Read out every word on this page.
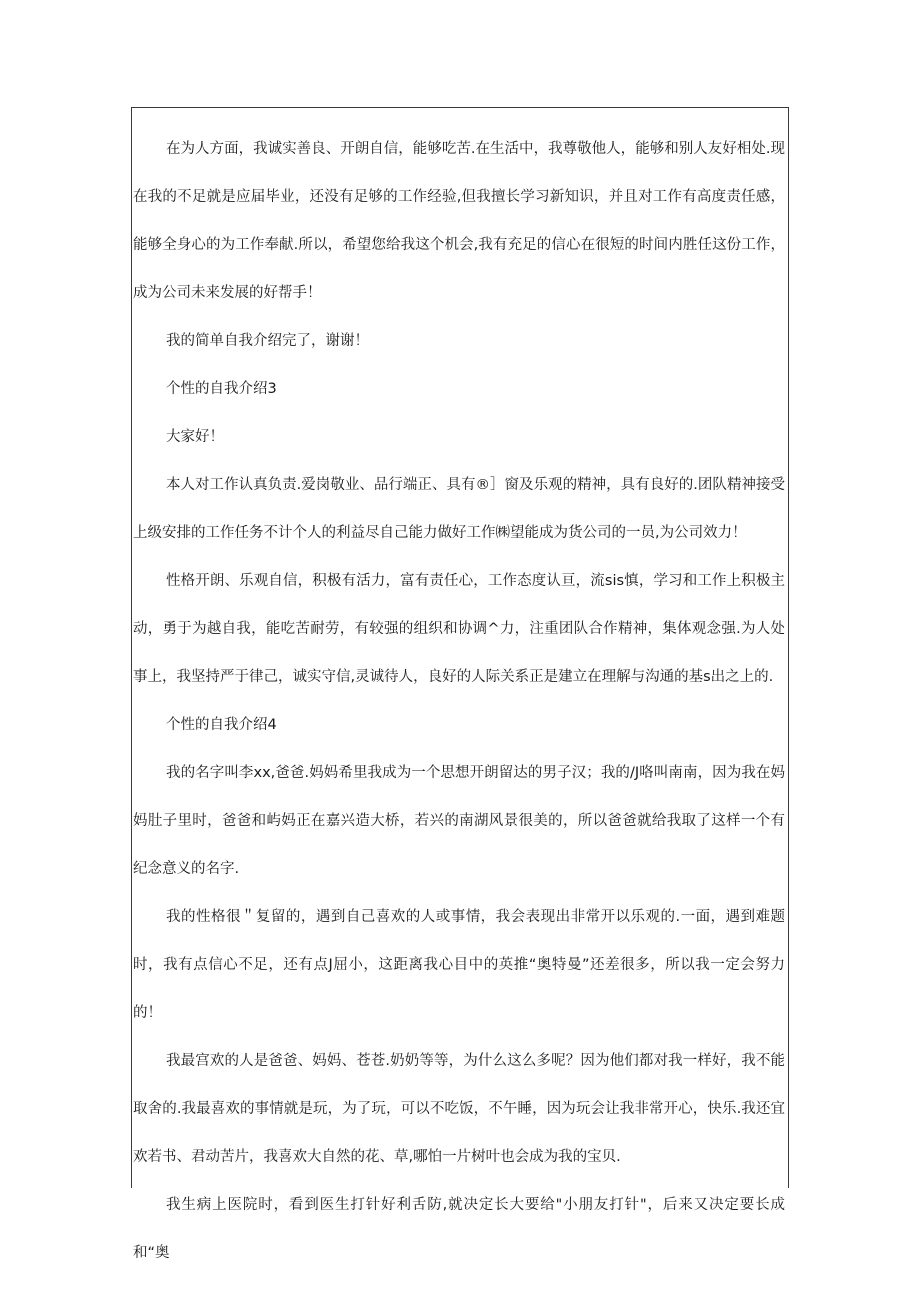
在为人方面，我诚实善良、开朗自信，能够吃苦.在生活中，我尊敬他人，能够和别人友好相处.现在我的不足就是应届毕业，还没有足够的工作经验,但我擅长学习新知识，并且对工作有高度责任感，能够全身心的为工作奉献.所以，希望您给我这个机会,我有充足的信心在很短的时间内胜任这份工作，成为公司未来发展的好帮手！

我的简单自我介绍完了，谢谢！

个性的自我介绍3

大家好！

本人对工作认真负责.爱岗敬业、品行端正、具有®］窗及乐观的精神，具有良好的.团队精神接受上级安排的工作任务不计个人的利益尽自己能力做好工作㈱望能成为货公司的一员,为公司效力！

性格开朗、乐观自信，积极有活力，富有责任心，工作态度认亘，流sis慎，学习和工作上积极主动，勇于为越自我，能吃苦耐劳，有较强的组织和协调^力，注重团队合作精神，集体观念强.为人处事上，我坚持严于律己，诚实守信,灵诚待人，良好的人际关系正是建立在理解与沟通的基s出之上的.

个性的自我介绍4

我的名字叫李xx,爸爸.妈妈希里我成为一个思想开朗留达的男子汉；我的/J咯叫南南，因为我在妈妈肚子里时，爸爸和屿妈正在嘉兴造大桥，若兴的南湖风景很美的，所以爸爸就给我取了这样一个有纪念意义的名字.

我的性格很＂复留的，遇到自己喜欢的人或事情，我会表现出非常开以乐观的.一面，遇到难题时，我有点信心不足，还有点J屈小，这距离我心目中的英推“奥特曼”还差很多，所以我一定会努力的！

我最宫欢的人是爸爸、妈妈、苍苍.奶奶等等，为什么这么多呢？因为他们都对我一样好，我不能取舍的.我最喜欢的事情就是玩，为了玩，可以不吃饭，不午睡，因为玩会让我非常开心，快乐.我还宜欢若书、君动苦片，我喜欢大自然的花、草,哪怕一片树叶也会成为我的宝贝.

我生病上医院时，看到医生打针好利舌防,就决定长大要给"小朋友打针"，后来又决定要长成和“奥
